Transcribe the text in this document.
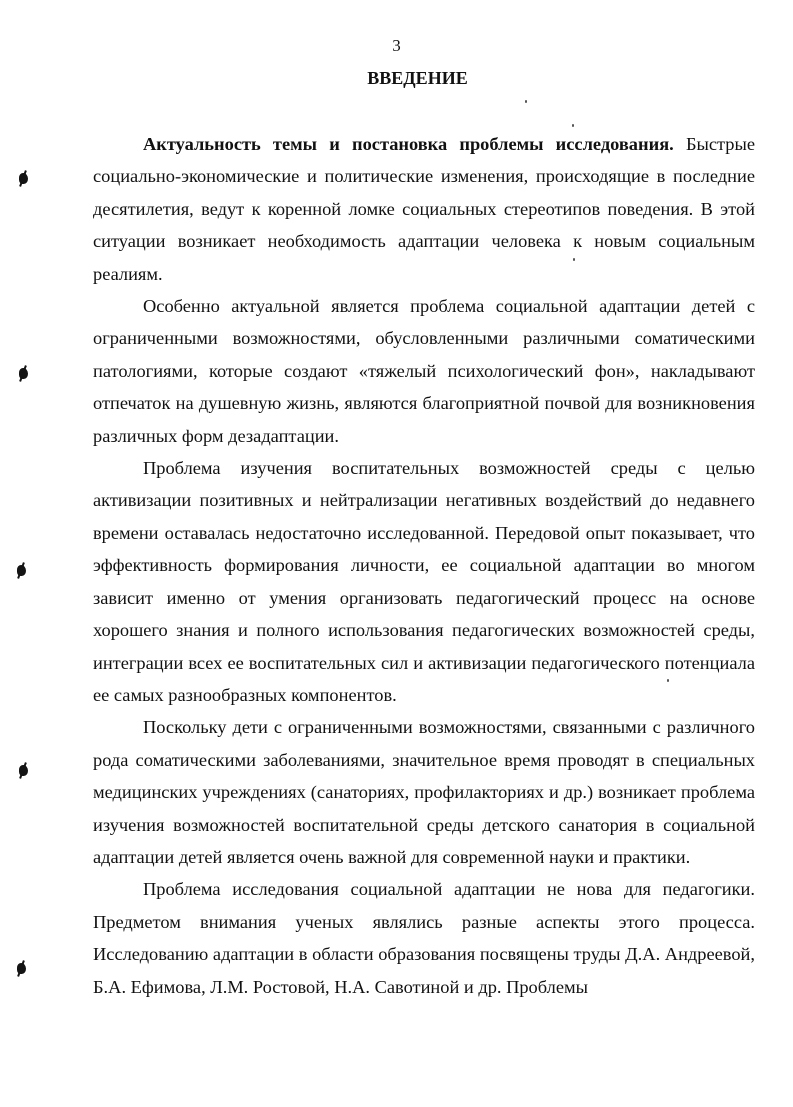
3
ВВЕДЕНИЕ

Актуальность темы и постановка проблемы исследования. Быстрые социально-экономические и политические изменения, происходящие в последние десятилетия, ведут к коренной ломке социальных стереотипов поведения. В этой ситуации возникает необходимость адаптации человека к новым социальным реалиям.

Особенно актуальной является проблема социальной адаптации детей с ограниченными возможностями, обусловленными различными соматическими патологиями, которые создают «тяжелый психологический фон», накладывают отпечаток на душевную жизнь, являются благоприятной почвой для возникновения различных форм дезадаптации.

Проблема изучения воспитательных возможностей среды с целью активизации позитивных и нейтрализации негативных воздействий до недавнего времени оставалась недостаточно исследованной. Передовой опыт показывает, что эффективность формирования личности, ее социальной адаптации во многом зависит именно от умения организовать педагогический процесс на основе хорошего знания и полного использования педагогических возможностей среды, интеграции всех ее воспитательных сил и активизации педагогического потенциала ее самых разнообразных компонентов.

Поскольку дети с ограниченными возможностями, связанными с различного рода соматическими заболеваниями, значительное время проводят в специальных медицинских учреждениях (санаториях, профилакториях и др.) возникает проблема изучения возможностей воспитательной среды детского санатория в социальной адаптации детей является очень важной для современной науки и практики.

Проблема исследования социальной адаптации не нова для педагогики. Предметом внимания ученых являлись разные аспекты этого процесса. Исследованию адаптации в области образования посвящены труды Д.А. Андреевой, Б.А. Ефимова, Л.М. Ростовой, Н.А. Савотиной и др. Проблемы
